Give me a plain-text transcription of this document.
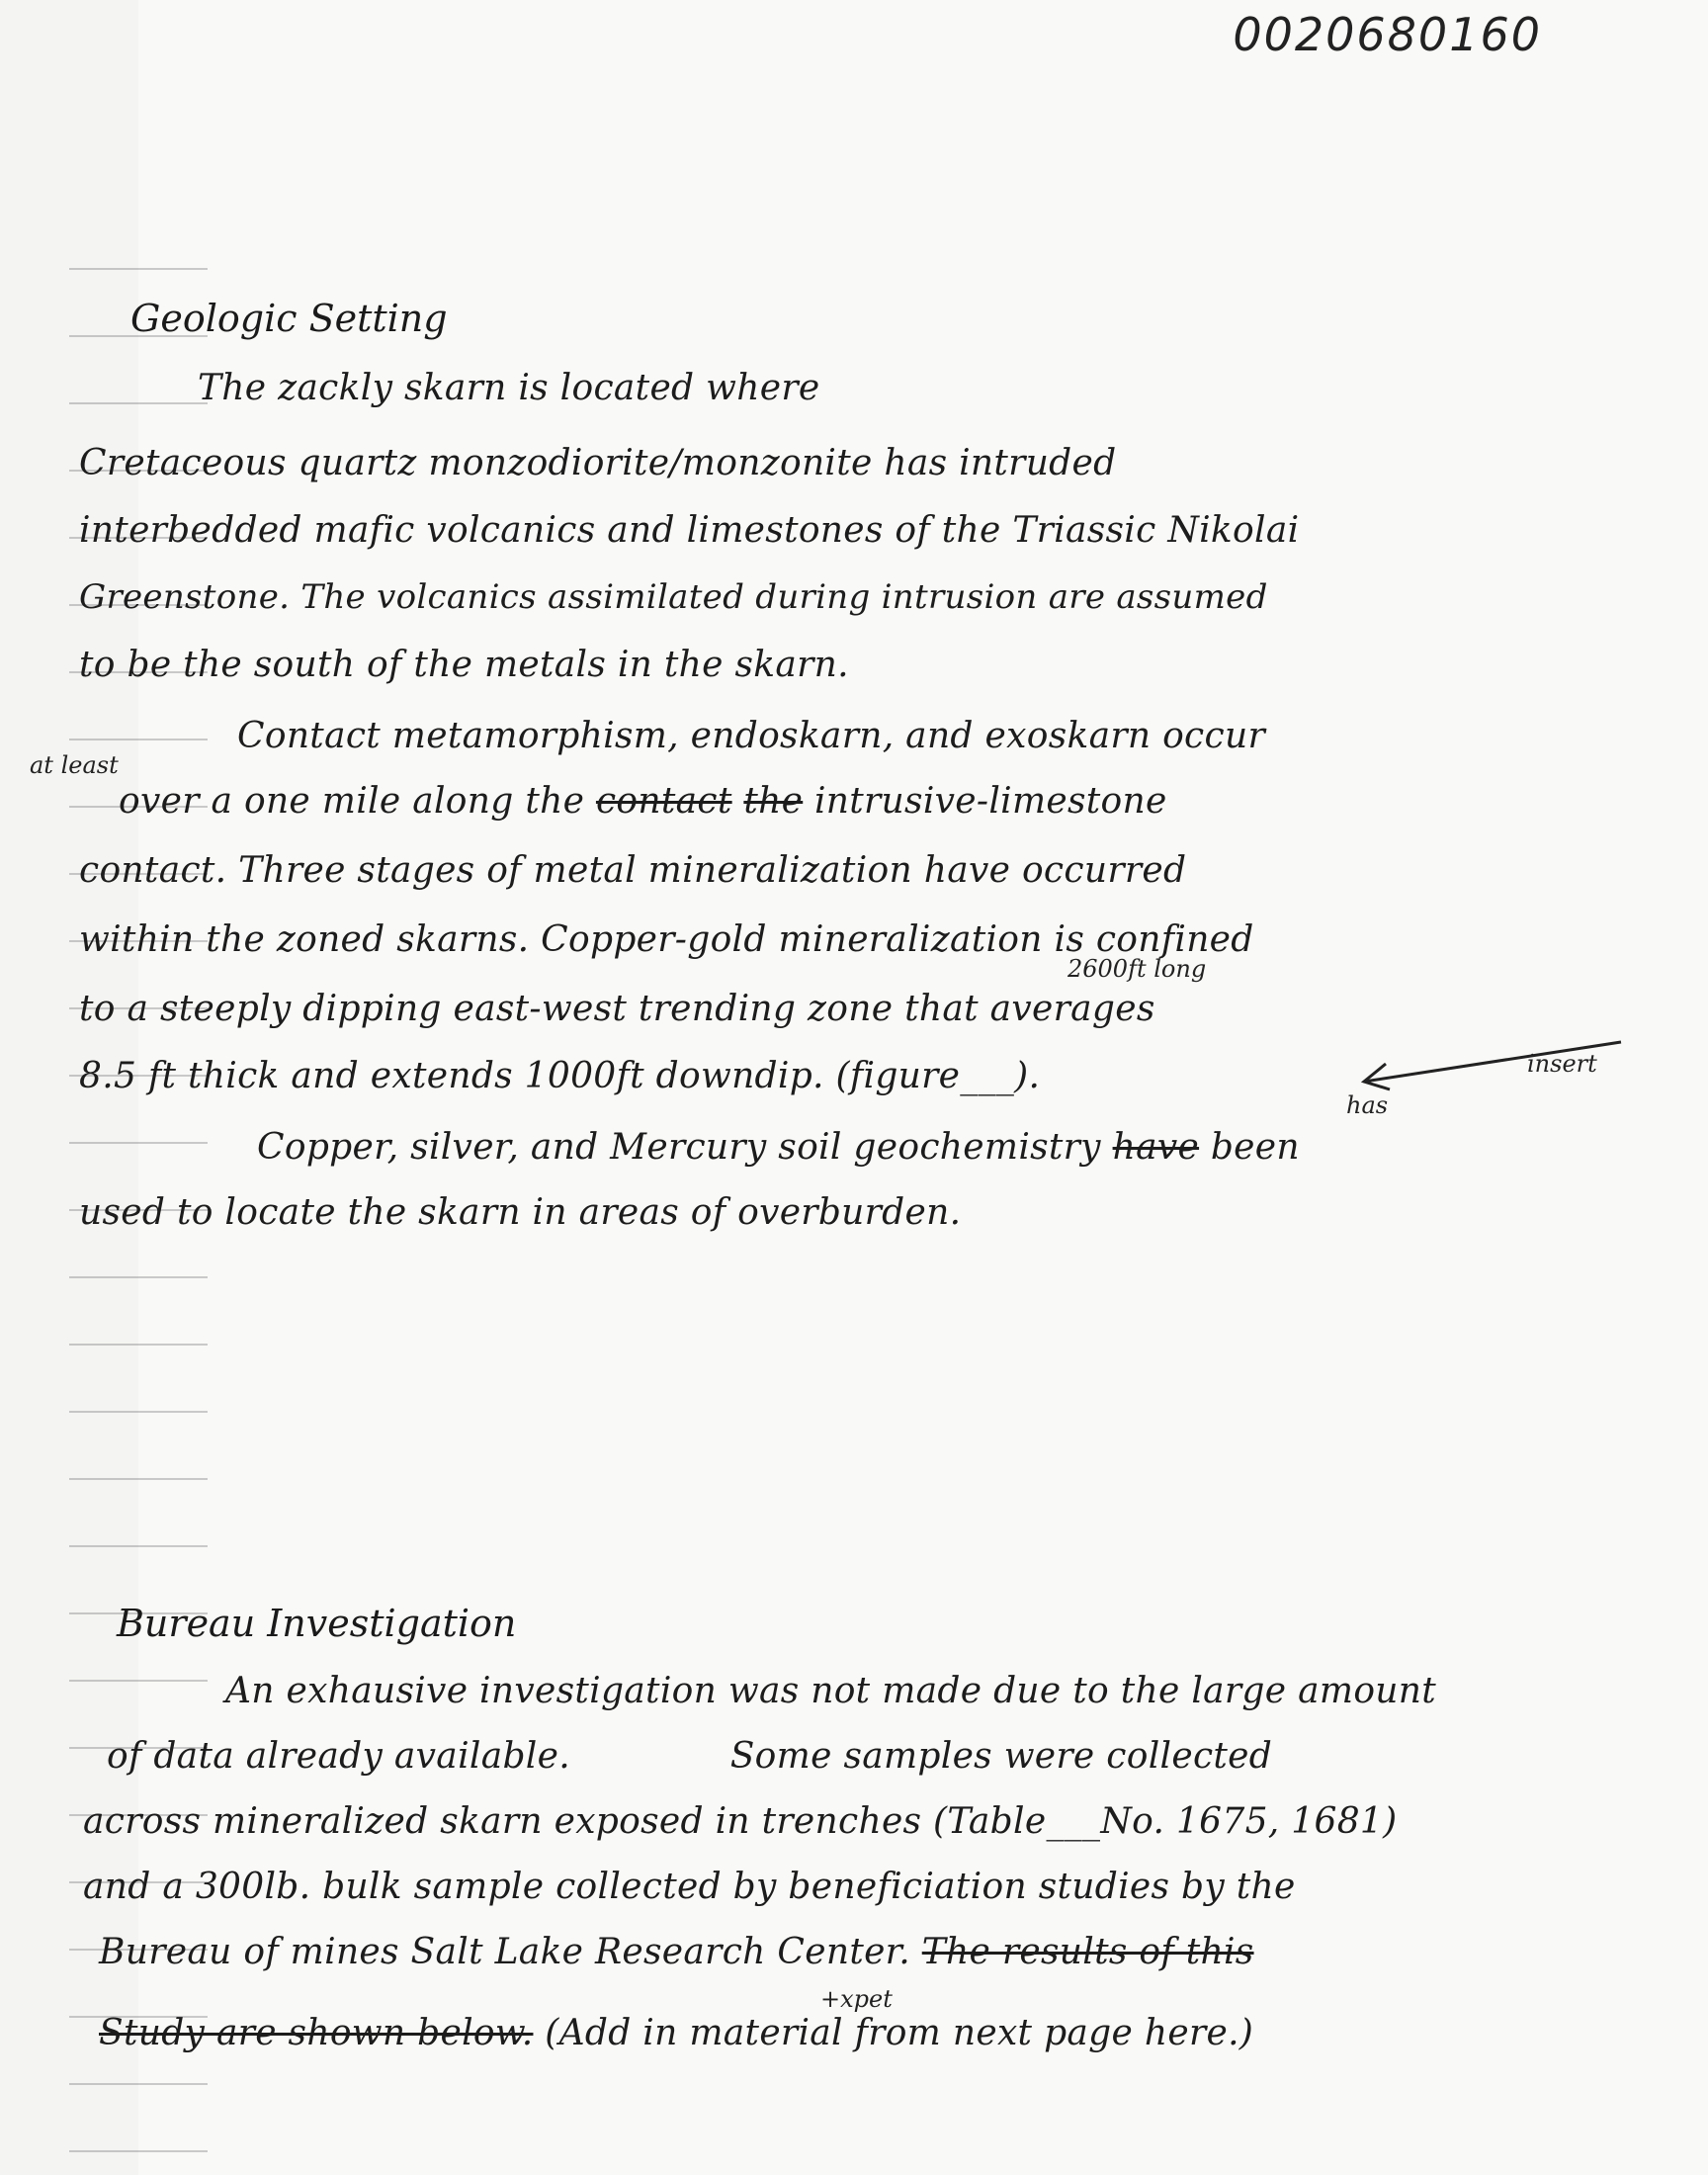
0020680160
Geologic Setting
The zackly skarn is located where
Cretaceous quartz monzodiorite/monzonite has intruded
interbedded mafic volcanics and limestones of the Triassic Nikolai
Greenstone. The volcanics assimilated during intrusion are assumed
to be the south of the metals in the skarn.
Contact metamorphism, endoskarn, and exoskarn occur
at least
over a one mile along the contact the intrusive-limestone
contact. Three stages of metal mineralization have occurred
within the zoned skarns. Copper-gold mineralization is confined
2600ft long
to a steeply dipping east-west trending zone that averages
8.5 ft thick and extends 1000ft downdip. (figure___).	insert
has
Copper, silver, and Mercury soil geochemistry have been
used to locate the skarn in areas of overburden.
Bureau Investigation
An exhausive investigation was not made due to the large amount
of data already available.	Some samples were collected
across mineralized skarn exposed in trenches (Table___No. 1675, 1681)
and a 300lb. bulk sample collected by beneficiation studies by the
Bureau of mines Salt Lake Research Center. The results of this
+xpet
Study are shown below. (Add in material from next page here.)
